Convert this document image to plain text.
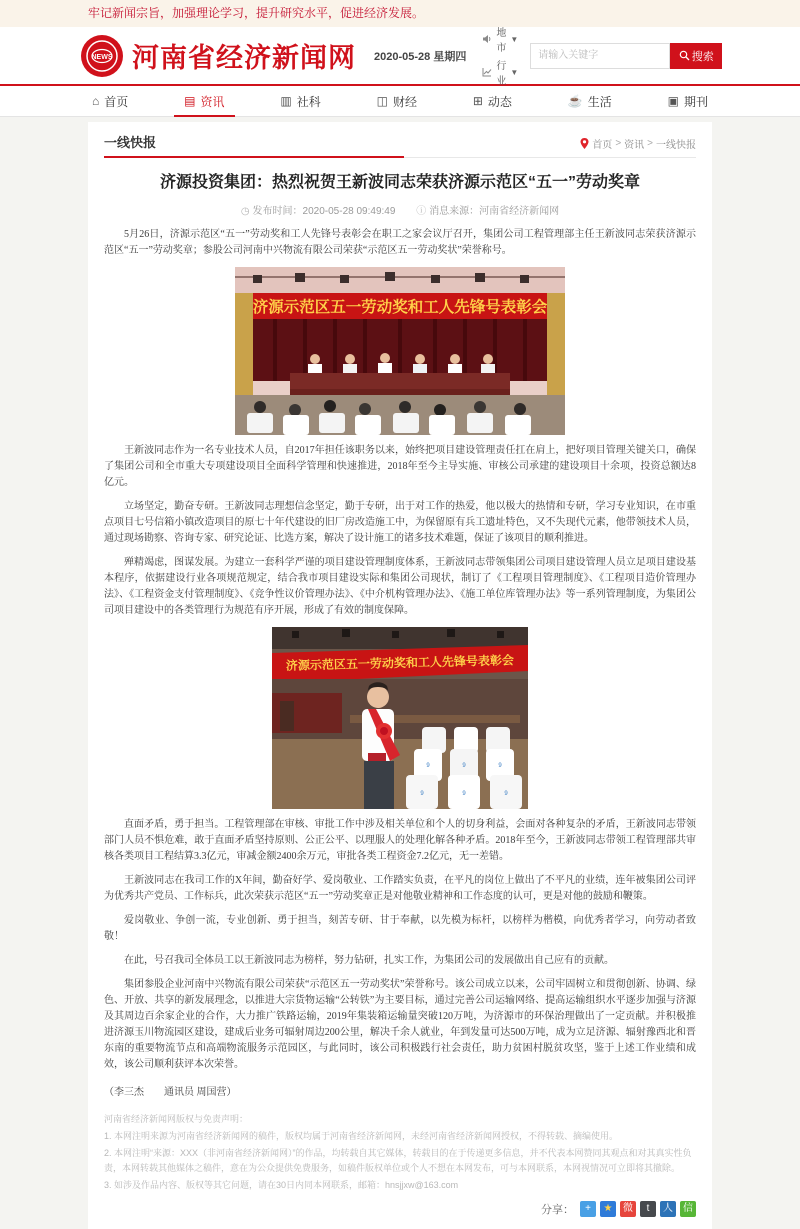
牢记新闻宗旨，加强理论学习，提升研究水平，促进经济发展。
NEWS 河南省经济新闻网 2020-05-28 星期四
地市
▼
行业
▼
请输入关键字
搜索
⌂ 首页	▤ 资讯	▥ 社科	◫ 财经	⊞ 动态	☕ 生活	▣ 期刊
一线快报	首页 > 资讯 > 一线快报
济源投资集团：热烈祝贺王新波同志荣获济源示范区“五一”劳动奖章
◷ 发布时间：2020-05-28 09:49:49 ⓘ 消息来源：河南省经济新闻网

5月26日，济源示范区“五一”劳动奖和工人先锋号表彰会在职工之家会议厅召开，集团公司工程管理部主任王新波同志荣获济源示范区“五一”劳动奖章；参股公司河南中兴物流有限公司荣获“示范区五一劳动奖状”荣誉称号。

济源示范区五一劳动奖和工人先锋号表彰会

王新波同志作为一名专业技术人员，自2017年担任该职务以来，始终把项目建设管理责任扛在肩上，把好项目管理关键关口，确保了集团公司和全市重大专项建设项目全面科学管理和快速推进，2018年至今主导实施、审核公司承建的建设项目十余项，投资总额达8亿元。

立场坚定，勤奋专研。王新波同志理想信念坚定，勤于专研，出于对工作的热爱，他以极大的热情和专研，学习专业知识，在市重点项目七号信箱小镇改造项目的原七十年代建设的旧厂房改造施工中，为保留原有兵工遗址特色，又不失现代元素，他带领技术人员，通过现场勘察、咨询专家、研究论证、比选方案，解决了设计施工的诸多技术难题，保证了该项目的顺利推进。

殚精竭虑，图谋发展。为建立一套科学严谨的项目建设管理制度体系，王新波同志带领集团公司项目建设管理人员立足项目建设基本程序，依据建设行业各项规范规定，结合我市项目建设实际和集团公司现状，制订了《工程项目管理制度》、《工程项目造价管理办法》、《工程资金支付管理制度》、《竞争性议价管理办法》、《中介机构管理办法》、《施工单位库管理办法》等一系列管理制度，为集团公司项目建设中的各类管理行为规范有序开展，形成了有效的制度保障。

济源示范区五一劳动奖和工人先锋号表彰会
9	9	9
9	9	9

直面矛盾，勇于担当。工程管理部在审核、审批工作中涉及相关单位和个人的切身利益，会面对各种复杂的矛盾，王新波同志带领部门人员不惧危难，敢于直面矛盾坚持原则、公正公平、以理服人的处理化解各种矛盾。2018年至今，王新波同志带领工程管理部共审核各类项目工程结算3.3亿元，审减金额2400余万元，审批各类工程资金7.2亿元，无一差错。

王新波同志在我司工作的X年间，勤奋好学、爱岗敬业、工作踏实负责，在平凡的岗位上做出了不平凡的业绩，连年被集团公司评为优秀共产党员、工作标兵，此次荣获示范区“五一”劳动奖章正是对他敬业精神和工作态度的认可，更是对他的鼓励和鞭策。

爱岗敬业、争创一流，专业创新、勇于担当，刻苦专研、甘于奉献，以先模为标杆，以榜样为楷模，向优秀者学习，向劳动者致敬！

在此，号召我司全体员工以王新波同志为榜样，努力钻研，扎实工作，为集团公司的发展做出自己应有的贡献。

集团参股企业河南中兴物流有限公司荣获“示范区五一劳动奖状”荣誉称号。该公司成立以来，公司牢固树立和贯彻创新、协调、绿色、开放、共享的新发展理念，以推进大宗货物运输“公转铁”为主要目标，通过完善公司运输网络、提高运输组织水平逐步加强与济源及其周边百余家企业的合作，大力推广铁路运输，2019年集装箱运输量突破120万吨，为济源市的环保治理做出了一定贡献。并积极推进济源玉川物流园区建设，建成后业务可辐射周边200公里，解决千余人就业，年到发量可达500万吨，成为立足济源、辐射豫西北和晋东南的重要物流节点和高端物流服务示范园区，与此同时，该公司积极践行社会责任，助力贫困村脱贫攻坚，鉴于上述工作业绩和成效，该公司顺利获评本次荣誉。

（李三杰　　通讯员 周国营）

河南省经济新闻网版权与免责声明：

1. 本网注明来源为河南省经济新闻网的稿件，版权均属于河南省经济新闻网，未经河南省经济新闻网授权，不得转载、摘编使用。

2. 本网注明“来源：XXX（非河南省经济新闻网）”的作品，均转载自其它媒体，转载目的在于传递更多信息，并不代表本网赞同其观点和对其真实性负责，本网转载其他媒体之稿件，意在为公众提供免费服务，如稿件版权单位或个人不想在本网发布，可与本网联系，本网视情况可立即将其撤除。

3. 如涉及作品内容、版权等其它问题，请在30日内同本网联系，邮箱：hnsjjxw@163.com

分享：	+	★	微	t	人	信
